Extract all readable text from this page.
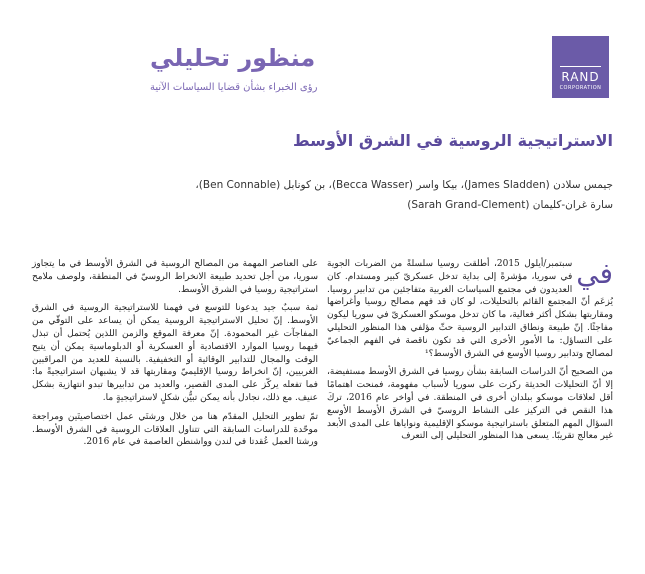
RAND
CORPORATION
منظور تحليلي
رؤى الخبراء بشأن قضايا السياسات الآنية
الاستراتيجية الروسية في الشرق الأوسط
جيمس سلادن (James Sladden)، بيكا واسر (Becca Wasser)، بن كونابل (Ben Connable)،
سارة غران-كليمان (Sarah Grand-Clement)

في
سبتمبر/أيلول 2015، أطلقت روسيا سلسلةً من الضربات الجوية في سوريا، مؤشرةً إلى بداية تدخل عسكريّ كبير ومستدام. كان العديدون في مجتمع السياسات الغربية متفاجئين من تدابير روسيا. يُزعَم أنّ المجتمع القائم بالتحليلات، لو كان قد فهم مصالح روسيا وأغراضها ومقاربتها بشكل أكثر فعالية، ما كان تدخل موسكو العسكريّ في سوريا ليكون مفاجئًا. إنّ طبيعة ونطاق التدابير الروسية حثّ مؤلفي هذا المنظور التحليلي على التساؤل: ما الأمور الأخرى التي قد تكون ناقصة في الفهم الجماعيّ لمصالح وتدابير روسيا الأوسع في الشرق الأوسط؟¹

من الصحيح أنّ الدراسات السابقة بشأن روسيا في الشرق الأوسط مستفيضة، إلا أنّ التحليلات الحديثة ركزت على سوريا لأسباب مفهومة، فمنحت اهتمامًا أقل لعلاقات موسكو ببلدان أخرى في المنطقة. في أواخر عام 2016، تركَ هذا النقص في التركيز على النشاط الروسيّ في الشرق الأوسط الأوسع السؤال المهم المتعلق باستراتيجية موسكو الإقليمية ونواياها على المدى الأبعد غير معالج تقريبًا. يسعى هذا المنظور التحليلي إلى التعرف

على العناصر المهمة من المصالح الروسية في الشرق الأوسط في ما يتجاوز سوريا، من أجل تحديد طبيعة الانخراط الروسيّ في المنطقة، ولوصف ملامح استراتيجية روسيا في الشرق الأوسط.

ثمة سببٌ جيد يدعونا للتوسع في فهمنا للاستراتيجية الروسية في الشرق الأوسط. إنّ تحليل الاستراتيجية الروسية يمكن أن يساعد على التوقّي من المفاجآت غير المحمودة. إنّ معرفة الموقع والزمن اللذين يُحتمل أن تبذل فيهما روسيا الموارد الاقتصادية أو العسكرية أو الدبلوماسية يمكن أن يتيح الوقت والمجال للتدابير الوقائية أو التخفيفية. بالنسبة للعديد من المراقبين الغربيين، إنّ انخراط روسيا الإقليميّ ومقاربتها قد لا يشبهان استراتيجيةً ما: فما تفعله يركّز على المدى القصير، والعديد من تدابيرها تبدو انتهازية بشكل عنيف. مع ذلك، نجادل بأنه يمكن تبيُّن شكلٍ لاستراتيجيةٍ ما.

تمّ تطوير التحليل المقدّم هنا من خلال ورشتَي عمل اختصاصيتَين ومراجعة موحّدة للدراسات السابقة التي تتناول العلاقات الروسية في الشرق الأوسط. ورشتا العمل عُقدتا في لندن وواشنطن العاصمة في عام 2016.
